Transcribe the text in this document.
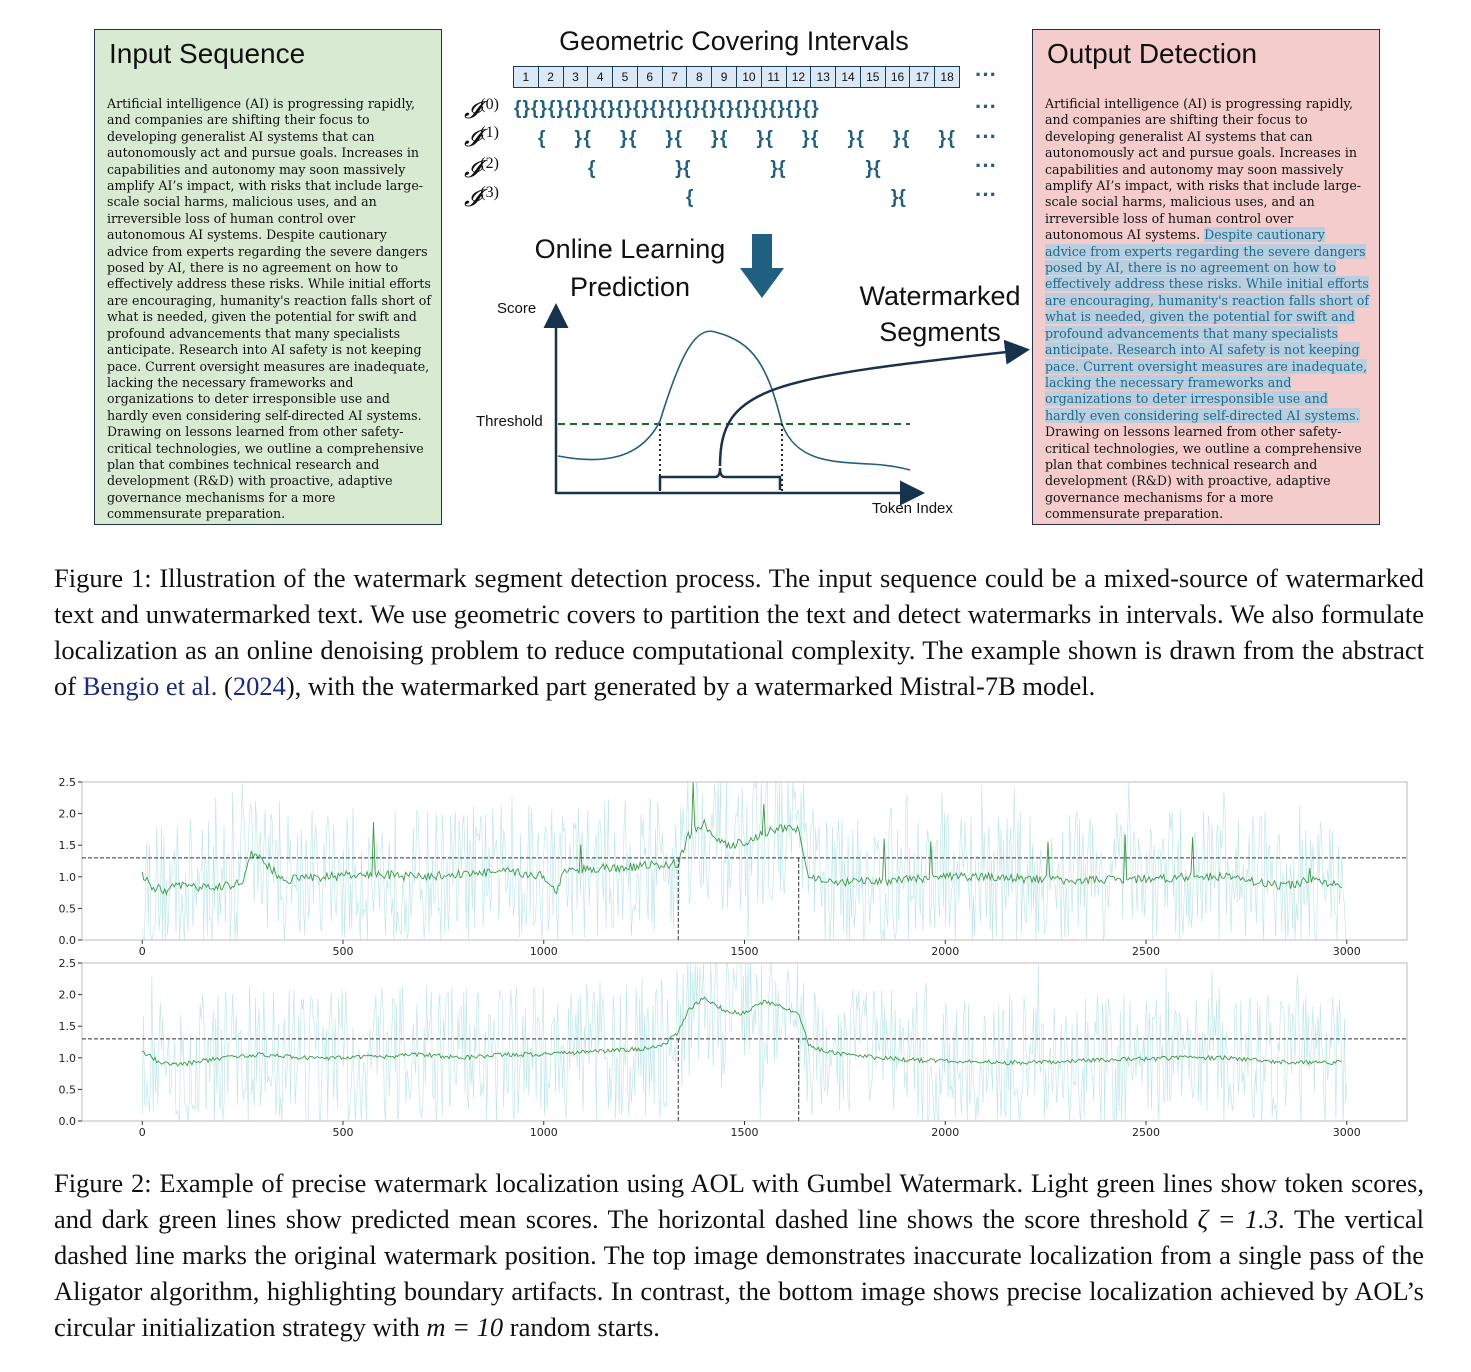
Input Sequence
Artificial intelligence (AI) is progressing rapidly, and companies are shifting their focus to developing generalist AI systems that can autonomously act and pursue goals. Increases in capabilities and autonomy may soon massively amplify AI’s impact, with risks that include large-scale social harms, malicious uses, and an irreversible loss of human control over autonomous AI systems. Despite cautionary advice from experts regarding the severe dangers posed by AI, there is no agreement on how to effectively address these risks. While initial efforts are encouraging, humanity's reaction falls short of what is needed, given the potential for swift and profound advancements that many specialists anticipate. Research into AI safety is not keeping pace. Current oversight measures are inadequate, lacking the necessary frameworks and organizations to deter irresponsible use and hardly even considering self-directed AI systems. Drawing on lessons learned from other safety-critical technologies, we outline a comprehensive plan that combines technical research and development (R&D) with proactive, adaptive governance mechanisms for a more commensurate preparation.
Output Detection
Artificial intelligence (AI) is progressing rapidly, and companies are shifting their focus to developing generalist AI systems that can autonomously act and pursue goals. Increases in capabilities and autonomy may soon massively amplify AI’s impact, with risks that include large-scale social harms, malicious uses, and an irreversible loss of human control over autonomous AI systems. Despite cautionary advice from experts regarding the severe dangers posed by AI, there is no agreement on how to effectively address these risks. While initial efforts are encouraging, humanity's reaction falls short of what is needed, given the potential for swift and profound advancements that many specialists anticipate. Research into AI safety is not keeping pace. Current oversight measures are inadequate, lacking the necessary frameworks and organizations to deter irresponsible use and hardly even considering self-directed AI systems. Drawing on lessons learned from other safety-critical technologies, we outline a comprehensive plan that combines technical research and development (R&D) with proactive, adaptive governance mechanisms for a more commensurate preparation.
Geometric Covering Intervals
1	2	3	4	5	6	7	8	9	10 11 12 13 14 15 16 17 18 ···
𝓘$^{(0)}$
𝓘$^{(1)}$
𝓘$^{(2)}$
𝓘$^{(3)}$
{}{}{}{}{}{}{}{}{}{}{}{}{}{}{}{}{}{}
{    }{    }{    }{    }{    }{    }{    }{    }{    }{
{              }{              }{              }{
{                                    }{
···
···
···
···
Online Learning
Prediction	Watermarked
Segments
Score
Threshold
Token Index
Figure 1: Illustration of the watermark segment detection process. The input sequence could be a mixed-source of watermarked text and unwatermarked text. We use geometric covers to partition the text and detect watermarks in intervals. We also formulate localization as an online denoising problem to reduce computational complexity. The example shown is drawn from the abstract of Bengio et al. (2024), with the watermarked part generated by a watermarked Mistral-7B model.
0.0
0.5
1.0
1.5
2.0
2.5
0	500	1000	1500	2000	2500	3000
0.0
0.5
1.0
1.5
2.0
2.5
0	500	1000	1500	2000	2500	3000
Figure 2: Example of precise watermark localization using AOL with Gumbel Watermark. Light green lines show token scores, and dark green lines show predicted mean scores. The horizontal dashed line shows the score threshold ζ = 1.3. The vertical dashed line marks the original watermark position. The top image demonstrates inaccurate localization from a single pass of the Aligator algorithm, highlighting boundary artifacts. In contrast, the bottom image shows precise localization achieved by AOL’s circular initialization strategy with m = 10 random starts.
